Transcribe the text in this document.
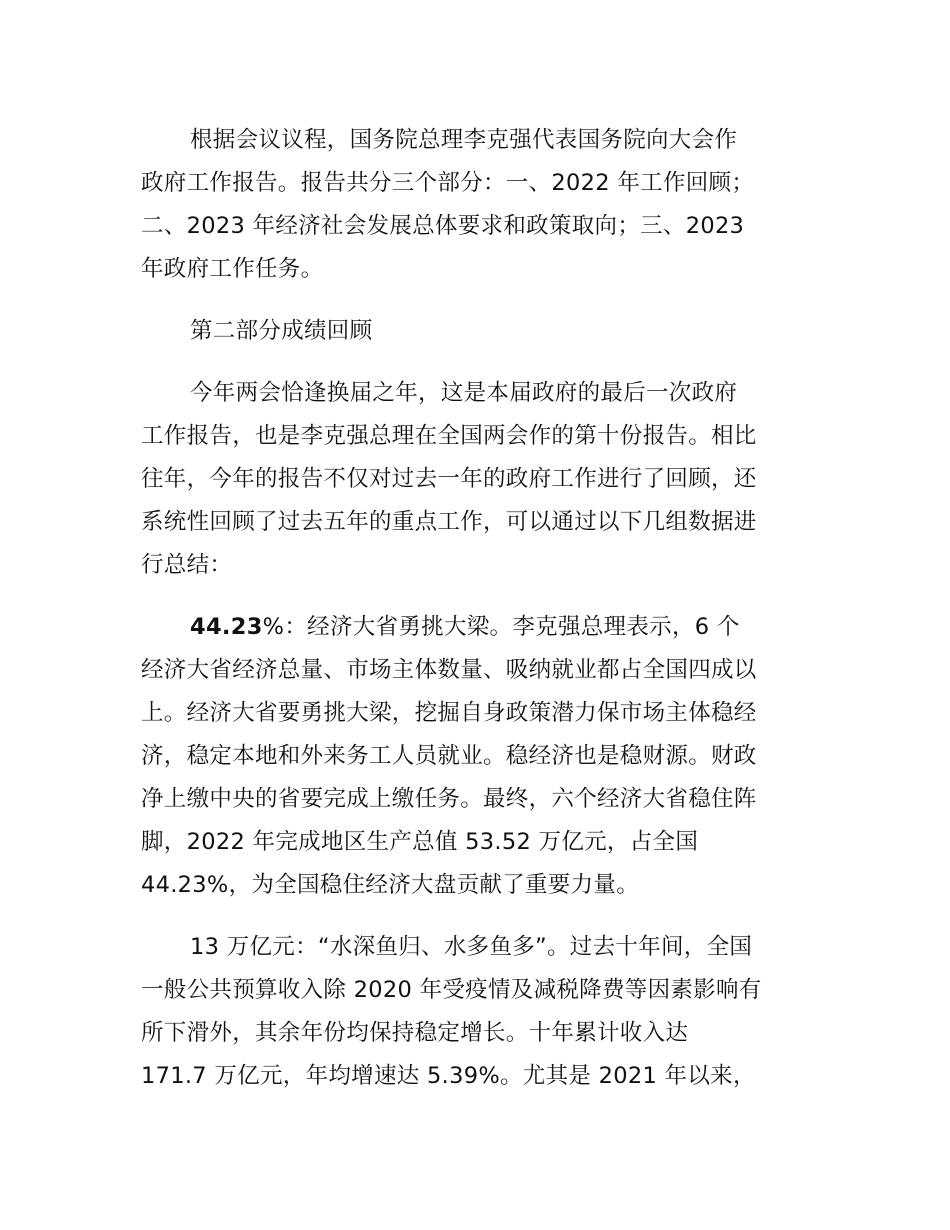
根据会议议程，国务院总理李克强代表国务院向大会作
政府工作报告。报告共分三个部分：一、2022 年工作回顾；
二、2023 年经济社会发展总体要求和政策取向；三、2023
年政府工作任务。
第二部分成绩回顾
今年两会恰逢换届之年，这是本届政府的最后一次政府
工作报告，也是李克强总理在全国两会作的第十份报告。相比
往年，今年的报告不仅对过去一年的政府工作进行了回顾，还
系统性回顾了过去五年的重点工作，可以通过以下几组数据进
行总结：
44.23%：经济大省勇挑大梁。李克强总理表示，6 个
经济大省经济总量、市场主体数量、吸纳就业都占全国四成以
上。经济大省要勇挑大梁，挖掘自身政策潜力保市场主体稳经
济，稳定本地和外来务工人员就业。稳经济也是稳财源。财政
净上缴中央的省要完成上缴任务。最终，六个经济大省稳住阵
脚，2022 年完成地区生产总值 53.52 万亿元，占全国
44.23%，为全国稳住经济大盘贡献了重要力量。
13 万亿元：“水深鱼归、水多鱼多”。过去十年间，全国
一般公共预算收入除 2020 年受疫情及减税降费等因素影响有
所下滑外，其余年份均保持稳定增长。十年累计收入达
171.7 万亿元，年均增速达 5.39%。尤其是 2021 年以来，
